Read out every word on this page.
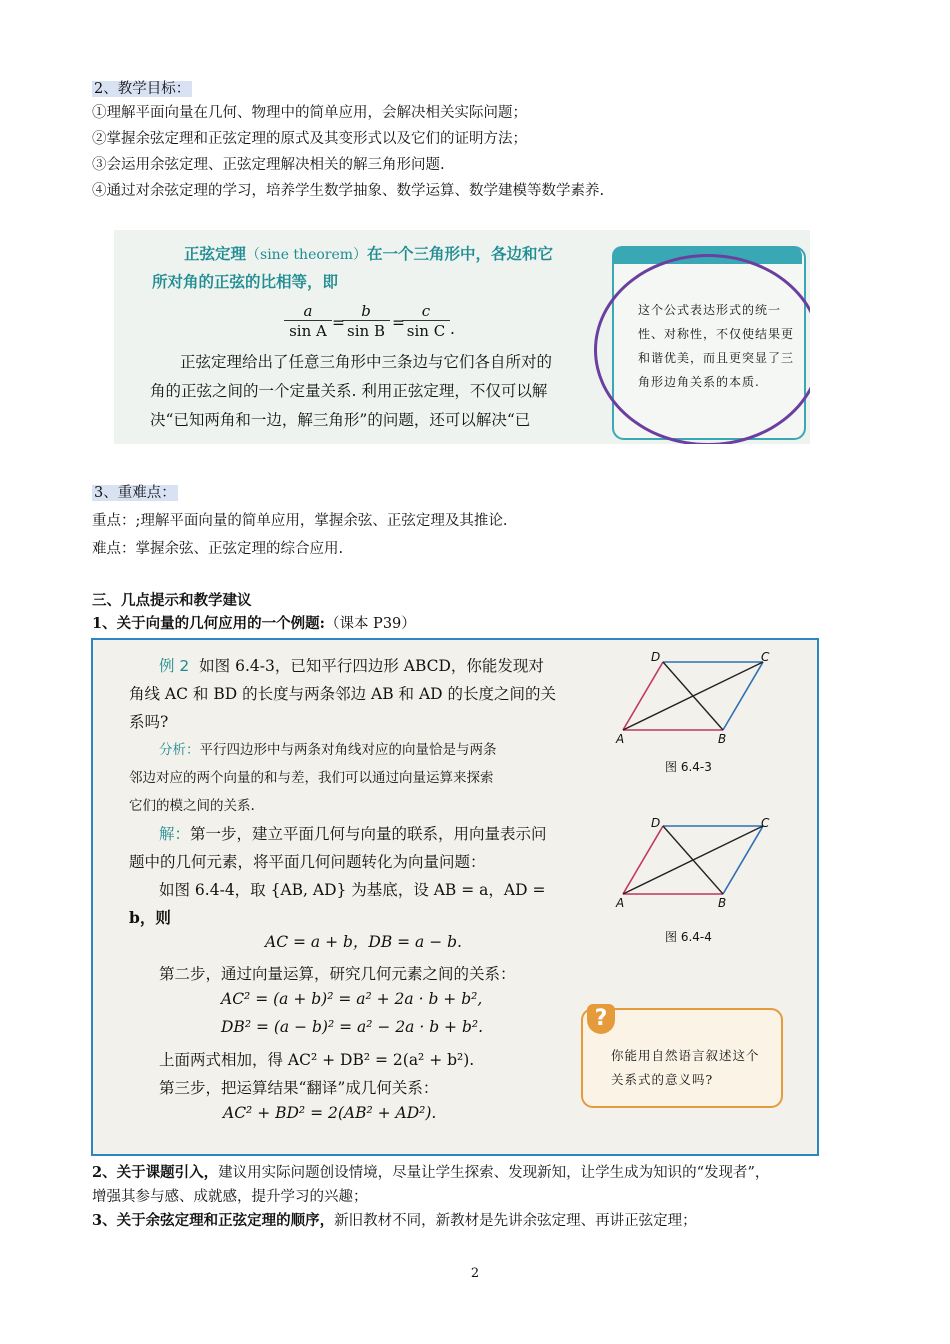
2、教学目标：
①理解平面向量在几何、物理中的简单应用，会解决相关实际问题；
②掌握余弦定理和正弦定理的原式及其变形式以及它们的证明方法；
③会运用余弦定理、正弦定理解决相关的解三角形问题.
④通过对余弦定理的学习，培养学生数学抽象、数学运算、数学建模等数学素养.
正弦定理（sine theorem）在一个三角形中，各边和它
所对角的正弦的比相等，即
$\frac{a}{\text{sin A}}$ =
$\frac{b}{\text{sin B}}$ =
$\frac{c}{\text{sin C}}$ .
正弦定理给出了任意三角形中三条边与它们各自所对的
角的正弦之间的一个定量关系. 利用正弦定理，不仅可以解
决“已知两角和一边，解三角形”的问题，还可以解决“已
这个公式表达形式的统一性、对称性，不仅使结果更和谐优美，而且更突显了三角形边角关系的本质.
3、重难点：
重点：;理解平面向量的简单应用，掌握余弦、正弦定理及其推论.
难点：掌握余弦、正弦定理的综合应用.
三、几点提示和教学建议
1、关于向量的几何应用的一个例题:（课本 P39）
例 2 如图 6.4-3，已知平行四边形 ABCD，你能发现对
角线 AC 和 BD 的长度与两条邻边 AB 和 AD 的长度之间的关
系吗?
分析：平行四边形中与两条对角线对应的向量恰是与两条
邻边对应的两个向量的和与差，我们可以通过向量运算来探索
它们的模之间的关系.
解：第一步，建立平面几何与向量的联系，用向量表示问
题中的几何元素，将平面几何问题转化为向量问题：
如图 6.4-4，取 {AB, AD} 为基底，设 AB = a，AD =
b，则
AC = a + b，DB = a − b.
第二步，通过向量运算，研究几何元素之间的关系：
AC² = (a + b)² = a² + 2a · b + b²,
DB² = (a − b)² = a² − 2a · b + b².
上面两式相加，得 AC² + DB² = 2(a² + b²).
第三步，把运算结果“翻译”成几何关系：
AC² + BD² = 2(AB² + AD²).
A	B
C
D
图 6.4-3
A	B
C
D
图 6.4-4
?
你能用自然语言叙述这个关系式的意义吗?
2、关于课题引入，建议用实际问题创设情境，尽量让学生探索、发现新知，让学生成为知识的“发现者”，
增强其参与感、成就感，提升学习的兴趣；
3、关于余弦定理和正弦定理的顺序，新旧教材不同，新教材是先讲余弦定理、再讲正弦定理；
2
